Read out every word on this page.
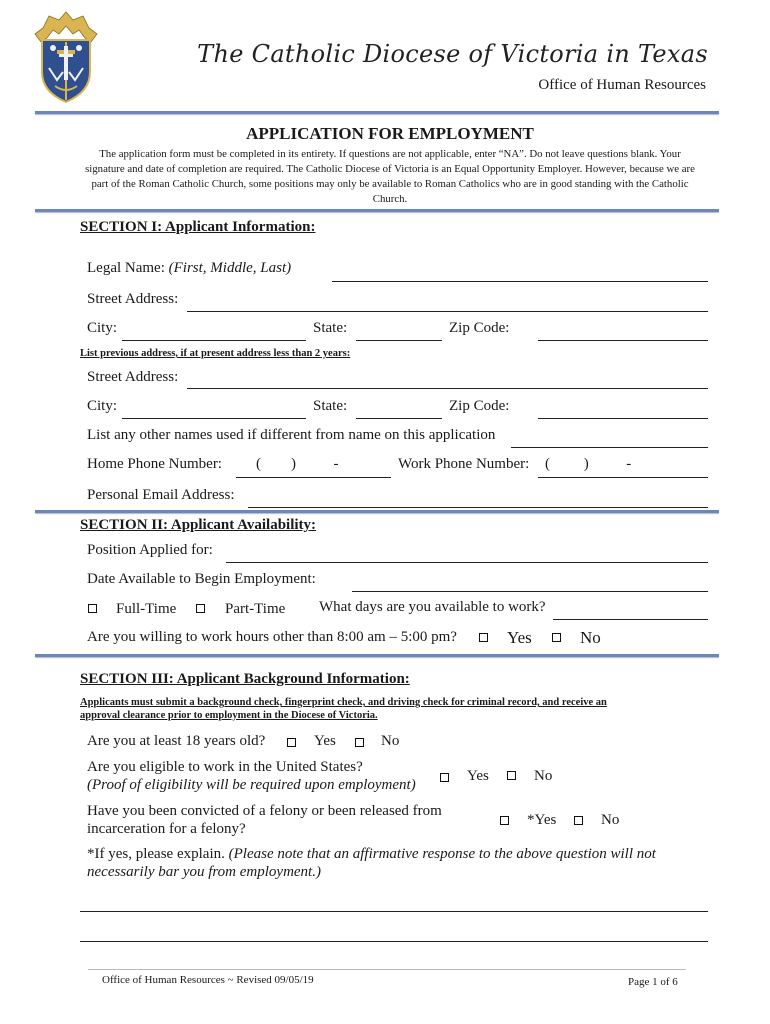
The Catholic Diocese of Victoria in Texas
Office of Human Resources
APPLICATION FOR EMPLOYMENT
The application form must be completed in its entirety. If questions are not applicable, enter “NA”. Do not leave questions blank. Your signature and date of completion are required. The Catholic Diocese of Victoria is an Equal Opportunity Employer. However, because we are part of the Roman Catholic Church, some positions may only be available to Roman Catholics who are in good standing with the Catholic Church.
SECTION I: Applicant Information:
Legal Name: (First, Middle, Last)
Street Address:
City:	State:	Zip Code:
List previous address, if at present address less than 2 years:
Street Address:
City:	State:	Zip Code:
List any other names used if different from name on this application
Home Phone Number: (        )          -	Work Phone Number: (         )          -
Personal Email Address:
SECTION II: Applicant Availability:
Position Applied for:
Date Available to Begin Employment:
Full-Time	Part-Time What days are you available to work?
Are you willing to work hours other than 8:00 am – 5:00 pm?	Yes	No
SECTION III: Applicant Background Information:
Applicants must submit a background check, fingerprint check, and driving check for criminal record, and receive an
approval clearance prior to employment in the Diocese of Victoria.
Are you at least 18 years old?	Yes	No
Are you eligible to work in the United States?
(Proof of eligibility will be required upon employment)
Yes	No
Have you been convicted of a felony or been released from
incarceration for a felony?
*Yes	No
*If yes, please explain. (Please note that an affirmative response to the above question will not
necessarily bar you from employment.)
Office of Human Resources ~ Revised 09/05/19	Page 1 of 6
